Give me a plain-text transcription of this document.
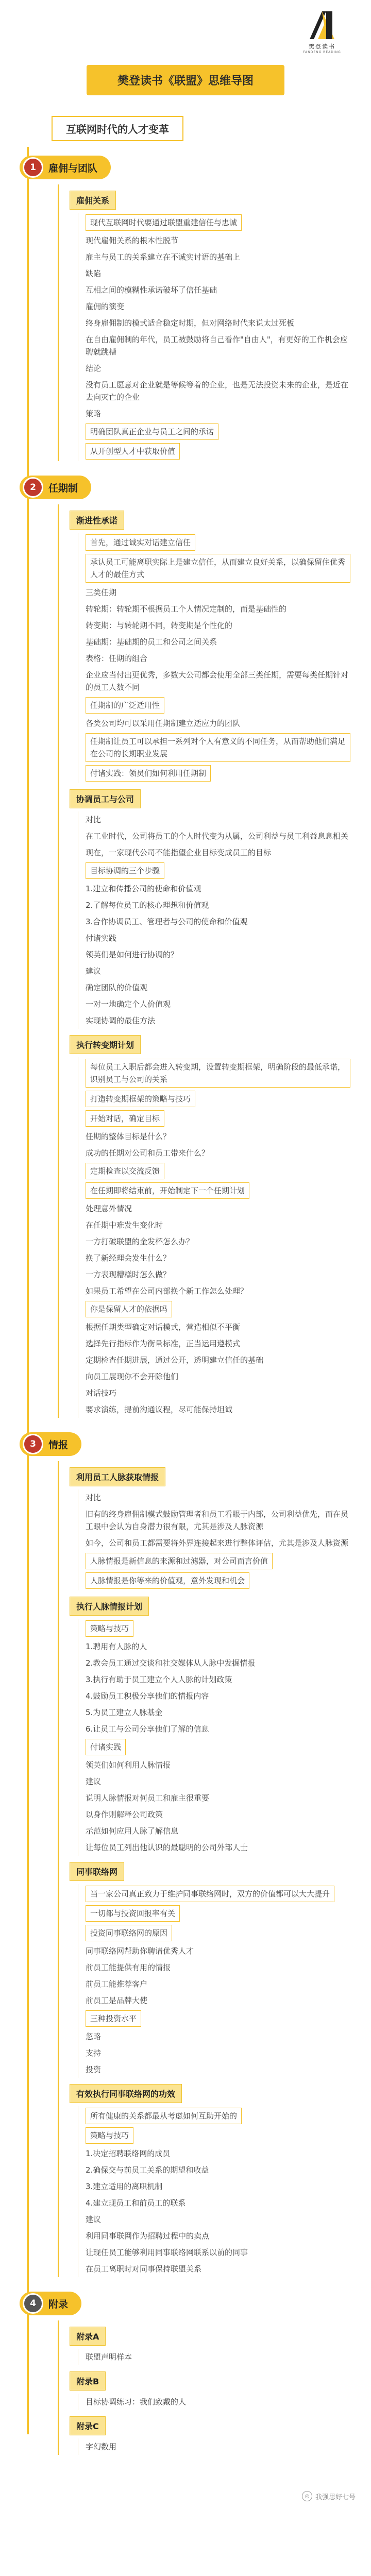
樊登读书
FANDENG READING
樊登读书《联盟》思维导图
互联网时代的人才变革
1	雇佣与团队
雇佣关系
现代互联网时代要通过联盟重建信任与忠诚
现代雇佣关系的根本性脱节
雇主与员工的关系建立在不诚实讨语的基础上
缺陷
互相之间的模糊性承诺破坏了信任基础
雇佣的演变
终身雇佣制的模式适合稳定时期，但对网络时代来说太过死板
在自由雇佣制的年代，员工被鼓励将自己看作"自由人"，有更好的工作机会应聘就跳槽
结论
没有员工愿意对企业就是等候等着的企业，也是无法投资未来的企业，是近在去向灭亡的企业
策略
明确团队真正企业与员工之间的承诺
从开创型人才中获取价值
2	任期制
渐进性承诺
首先，通过诚实对话建立信任
承认员工可能离职实际上是建立信任，从而建立良好关系，以确保留住优秀人才的最佳方式
三类任期
转轮期：转轮期不根据员工个人情况定制的，而是基础性的
转变期：与转轮期不同，转变期是个性化的
基础期：基础期的员工和公司之间关系
表格：任期的组合
企业应当付出更优秀，多数大公司都会使用全部三类任期，需要每类任期针对的员工人数不同
任期制的广泛适用性
各类公司均可以采用任期制建立适应力的团队
任期制让员工可以承担一系列对个人有意义的不同任务，从而帮助他们满足在公司的长期职业发展
付诸实践：领员们如何利用任期制
协调员工与公司
对比
在工业时代，公司将员工的个人时代变为从属，公司利益与员工利益息息相关
现在，一家现代公司不能指望企业目标变成员工的目标
目标协调的三个步骤
1.建立和传播公司的使命和价值观
2.了解每位员工的核心理想和价值观
3.合作协调员工、管理者与公司的使命和价值观
付诸实践
领英们是如何进行协调的？
建议
确定团队的价值观
一对一地确定个人价值观
实现协调的最佳方法
执行转变期计划
每位员工入职后都会进入转变期，设置转变期框架，明确阶段的最低承诺，识别员工与公司的关系
打造转变期框架的策略与技巧
开始对话，确定目标
任期的整体目标是什么？
成功的任期对公司和员工带来什么？
定期检查以交流反馈
在任期即将结束前，开始制定下一个任期计划
处理意外情况
在任期中难发生变化时
一方打破联盟的金发杯怎么办？
换了新经理会发生什么？
一方表现糟糕时怎么做？
如果员工希望在公司内部换个新工作怎么处理？
你是保留人才的依据吗
根据任期类型确定对话模式，营造相似不平衡
选择先行指标作为衡量标准，正当运用遵模式
定期检查任期进展，通过公开，透明建立信任的基础
向员工展现你不会开除他们
对话技巧
要求演练，提前沟通议程，尽可能保持坦诚
3	情报
利用员工人脉获取情报
对比
旧有的终身雇佣制模式鼓励管理者和员工看眼于内部，公司利益优先，而在员工眼中会认为自身潜力很有限，尤其是涉及人脉资源
如今，公司和员工都需要将外界连接起来进行整体评估，尤其是涉及人脉资源
人脉情报是新信息的来源和过滤器，对公司而言价值
人脉情报是你等来的价值观，意外发现和机会
执行人脉情报计划
策略与技巧
1.聘用有人脉的人
2.教会员工通过交谈和社交媒体从人脉中发掘情报
3.执行有助于员工建立个人人脉的计划政策
4.鼓励员工积极分享他们的情报内容
5.为员工建立人脉基金
6.让员工与公司分享他们了解的信息
付诸实践
领英们如何利用人脉情报
建议
说明人脉情报对何员工和雇主很重要
以身作则解释公司政策
示范如何应用人脉了解信息
让每位员工列出他认识的最聪明的公司外部人士
同事联络网
当一家公司真正致力于维护同事联络网时，双方的价值都可以大大提升
一切都与投资回报率有关
投资同事联络网的原因
同事联络网帮助你聘请优秀人才
前员工能提供有用的情报
前员工能推荐客户
前员工是品牌大使
三种投资水平
忽略
支持
投资
有效执行同事联络网的功效
所有健康的关系都最从考虑如何互助开始的
策略与技巧
1.决定招聘联络网的成员
2.确保交与前员工关系的期望和收益
3.建立适用的离职机制
4.建立现员工和前员工的联系
建议
利用同事联网作为招聘过程中的卖点
让现任员工能够利用同事联络网联系以前的同事
在员工离职时对同事保持联盟关系
4	附录
附录A
联盟声明样本
附录B
目标协调练习：我们致戴的人
附录C
字幻数用
◎ 我强思好七号
